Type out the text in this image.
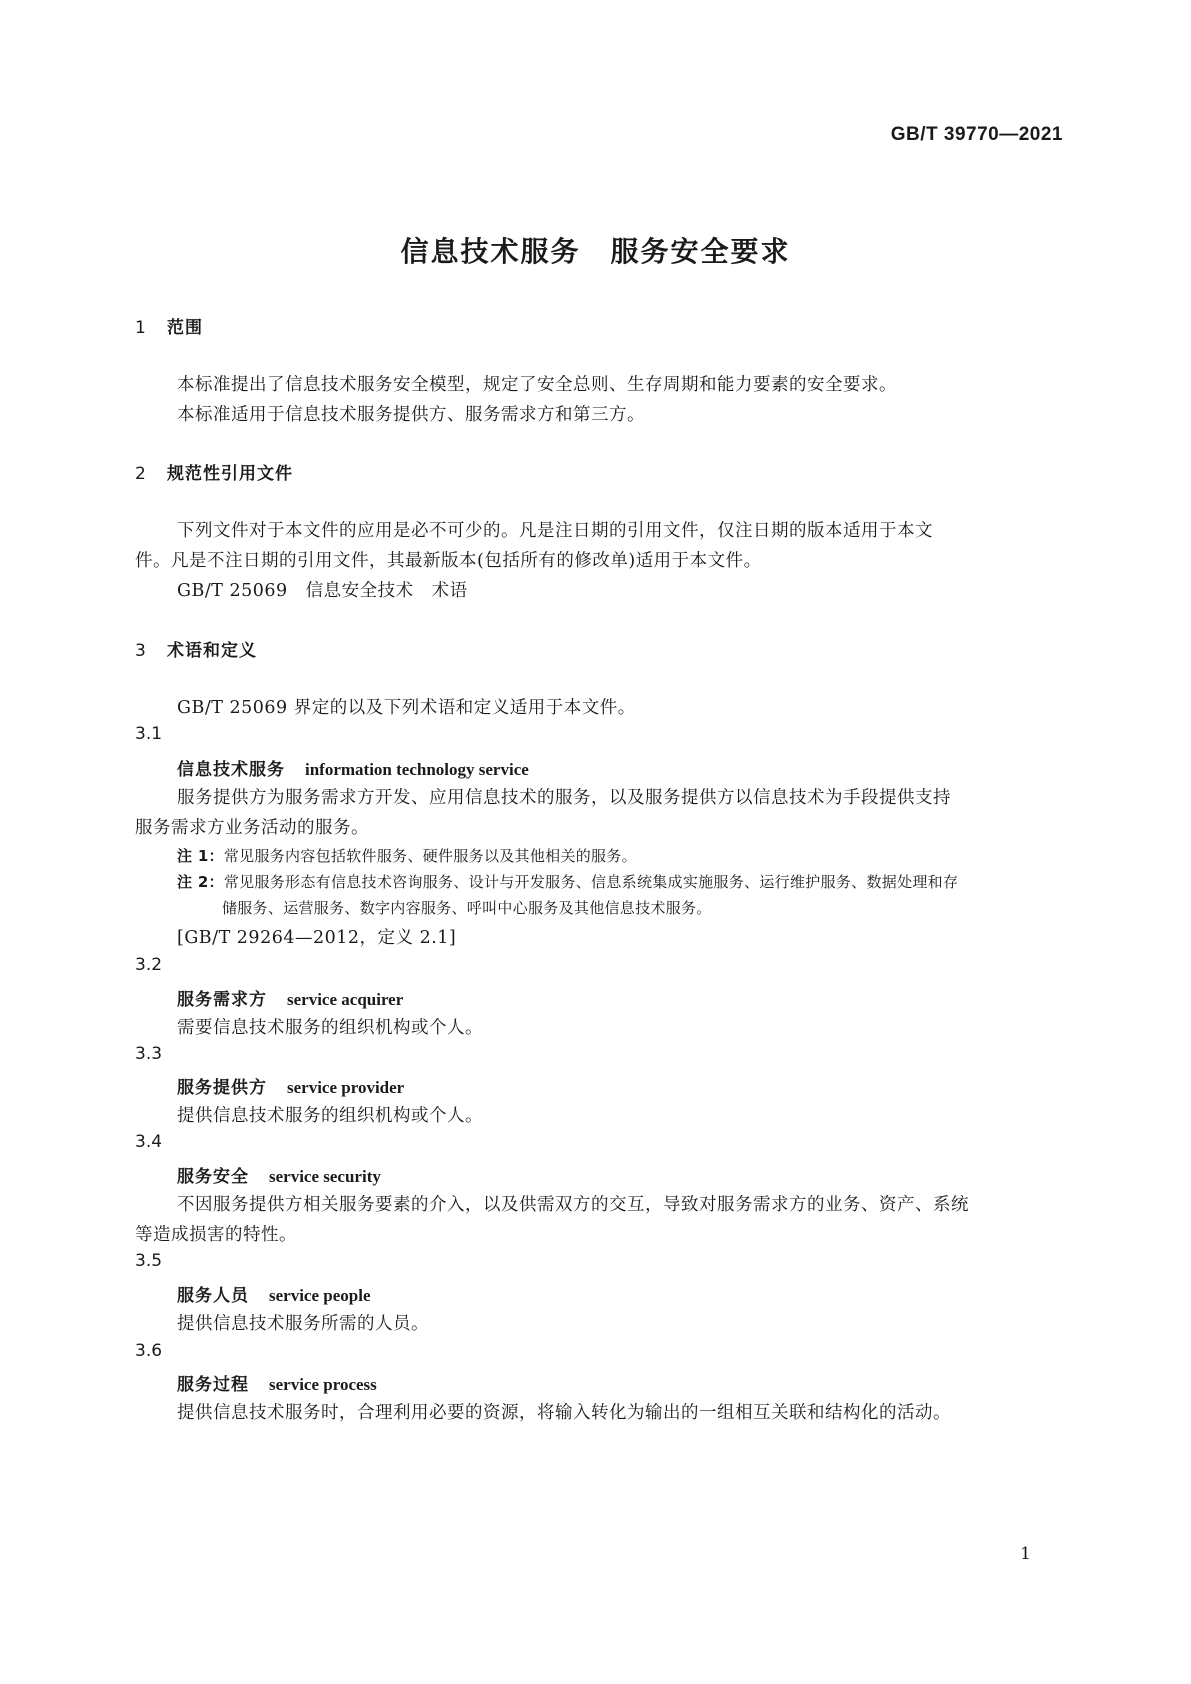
GB/T 39770—2021
信息技术服务　服务安全要求
1 范围
本标准提出了信息技术服务安全模型，规定了安全总则、生存周期和能力要素的安全要求。
本标准适用于信息技术服务提供方、服务需求方和第三方。
2 规范性引用文件
下列文件对于本文件的应用是必不可少的。凡是注日期的引用文件，仅注日期的版本适用于本文
件。凡是不注日期的引用文件，其最新版本(包括所有的修改单)适用于本文件。
GB/T 25069　信息安全技术　术语
3 术语和定义
GB/T 25069 界定的以及下列术语和定义适用于本文件。
3.1
信息技术服务 information technology service
服务提供方为服务需求方开发、应用信息技术的服务，以及服务提供方以信息技术为手段提供支持
服务需求方业务活动的服务。
注 1：常见服务内容包括软件服务、硬件服务以及其他相关的服务。
注 2：常见服务形态有信息技术咨询服务、设计与开发服务、信息系统集成实施服务、运行维护服务、数据处理和存
储服务、运营服务、数字内容服务、呼叫中心服务及其他信息技术服务。
[GB/T 29264—2012，定义 2.1]
3.2
服务需求方 service acquirer
需要信息技术服务的组织机构或个人。
3.3
服务提供方 service provider
提供信息技术服务的组织机构或个人。
3.4
服务安全 service security
不因服务提供方相关服务要素的介入，以及供需双方的交互，导致对服务需求方的业务、资产、系统
等造成损害的特性。
3.5
服务人员 service people
提供信息技术服务所需的人员。
3.6
服务过程 service process
提供信息技术服务时，合理利用必要的资源，将输入转化为输出的一组相互关联和结构化的活动。
1
